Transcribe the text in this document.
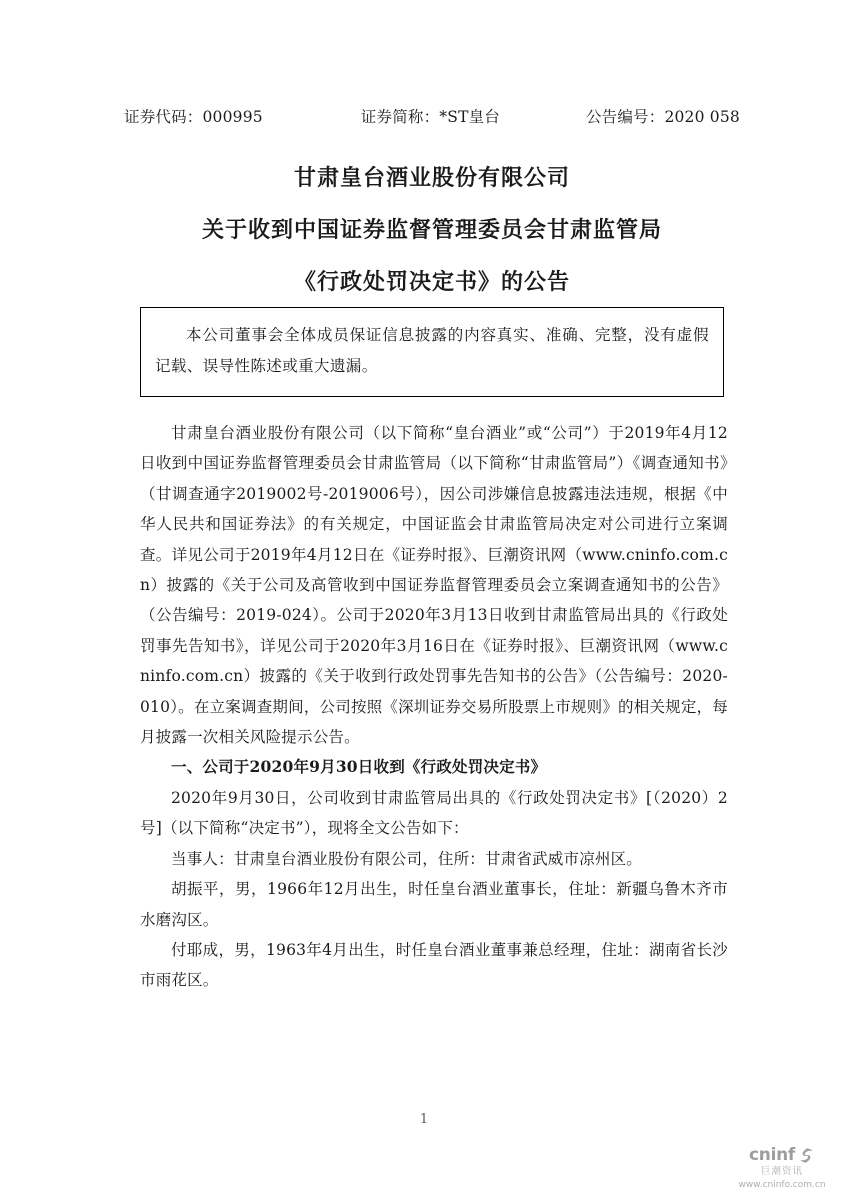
证券代码：000995	证券简称：*ST皇台	公告编号：2020 058
甘肃皇台酒业股份有限公司
关于收到中国证券监督管理委员会甘肃监管局
《行政处罚决定书》的公告

本公司董事会全体成员保证信息披露的内容真实、准确、完整，没有虚假记载、误导性陈述或重大遗漏。

甘肃皇台酒业股份有限公司（以下简称“皇台酒业”或“公司”）于2019年4月12日收到中国证券监督管理委员会甘肃监管局（以下简称“甘肃监管局”）《调查通知书》（甘调查通字2019002号-2019006号），因公司涉嫌信息披露违法违规，根据《中华人民共和国证券法》的有关规定，中国证监会甘肃监管局决定对公司进行立案调查。详见公司于2019年4月12日在《证券时报》、巨潮资讯网（www.cninfo.com.cn）披露的《关于公司及高管收到中国证券监督管理委员会立案调查通知书的公告》（公告编号：2019-024）。公司于2020年3月13日收到甘肃监管局出具的《行政处罚事先告知书》，详见公司于2020年3月16日在《证券时报》、巨潮资讯网（www.cninfo.com.cn）披露的《关于收到行政处罚事先告知书的公告》（公告编号：2020-010）。在立案调查期间，公司按照《深圳证券交易所股票上市规则》的相关规定，每月披露一次相关风险提示公告。

一、公司于2020年9月30日收到《行政处罚决定书》

2020年9月30日，公司收到甘肃监管局出具的《行政处罚决定书》[（2020）2号]（以下简称“决定书”），现将全文公告如下：

当事人：甘肃皇台酒业股份有限公司，住所：甘肃省武威市凉州区。

胡振平，男，1966年12月出生，时任皇台酒业董事长，住址：新疆乌鲁木齐市水磨沟区。

付耶成，男，1963年4月出生，时任皇台酒业董事兼总经理，住址：湖南省长沙市雨花区。

1
cninf
巨潮资讯
www.cninfo.com.cn
